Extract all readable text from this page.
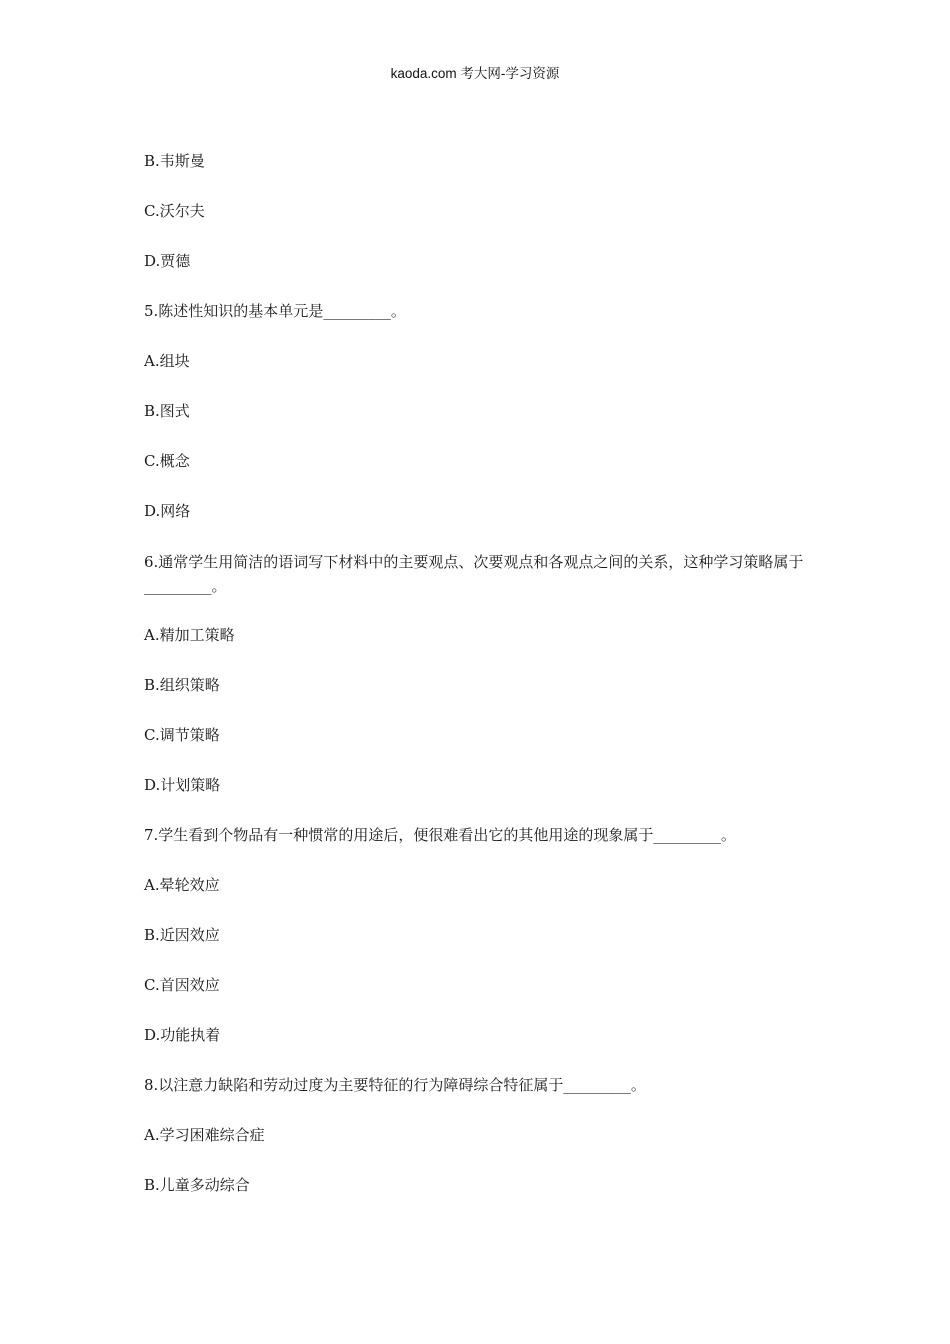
kaoda.com 考大网-学习资源

B.韦斯曼

C.沃尔夫

D.贾德

5.陈述性知识的基本单元是_________。

A.组块

B.图式

C.概念

D.网络

6.通常学生用简洁的语词写下材料中的主要观点、次要观点和各观点之间的关系，这种学习策略属于_________。

A.精加工策略

B.组织策略

C.调节策略

D.计划策略

7.学生看到个物品有一种惯常的用途后，便很难看出它的其他用途的现象属于_________。

A.晕轮效应

B.近因效应

C.首因效应

D.功能执着

8.以注意力缺陷和劳动过度为主要特征的行为障碍综合特征属于_________。

A.学习困难综合症

B.儿童多动综合
